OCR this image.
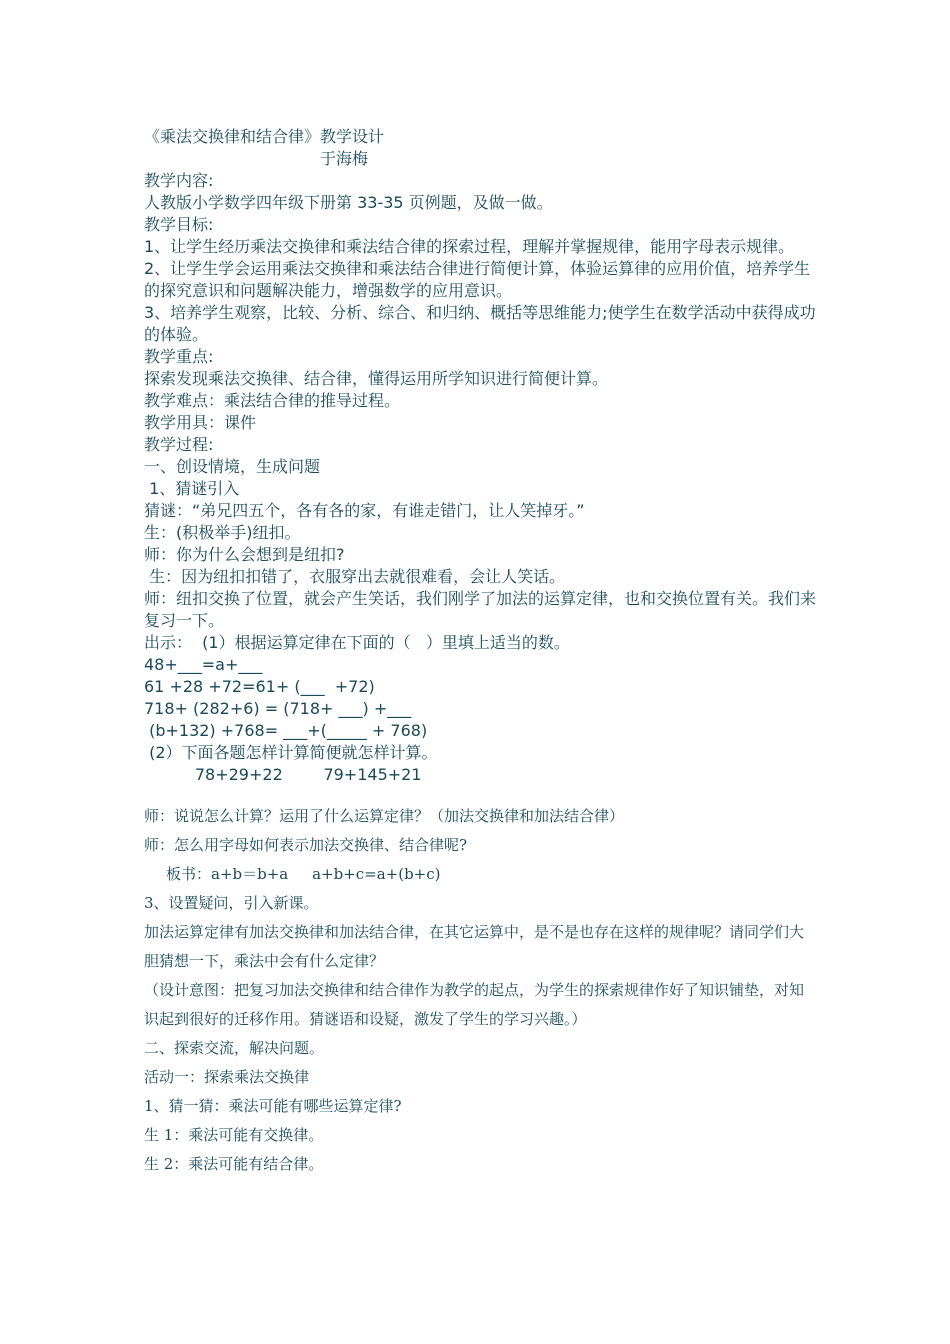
《乘法交换律和结合律》教学设计
于海梅
教学内容:
人教版小学数学四年级下册第 33-35 页例题，及做一做。
教学目标:
1、让学生经历乘法交换律和乘法结合律的探索过程，理解并掌握规律，能用字母表示规律。
2、让学生学会运用乘法交换律和乘法结合律进行简便计算，体验运算律的应用价值，培养学生的探究意识和问题解决能力，增强数学的应用意识。
3、培养学生观察，比较、分析、综合、和归纳、概括等思维能力;使学生在数学活动中获得成功的体验。
教学重点:
探索发现乘法交换律、结合律，懂得运用所学知识进行简便计算。
教学难点：乘法结合律的推导过程。
教学用具：课件
教学过程:
一、创设情境，生成问题
1、猜谜引入
猜谜：“弟兄四五个，各有各的家，有谁走错门，让人笑掉牙。”
生：(积极举手)纽扣。
师：你为什么会想到是纽扣?
生：因为纽扣扣错了，衣服穿出去就很难看，会让人笑话。
师：纽扣交换了位置，就会产生笑话，我们刚学了加法的运算定律，也和交换位置有关。我们来复习一下。
出示：  (1）根据运算定律在下面的（   ）里填上适当的数。
48+___=a+___
61 +28 +72=61+ (___  +72)
718+ (282+6) = (718+ ___) +___
(b+132) +768= ___+(_____ + 768)
(2）下面各题怎样计算简便就怎样计算。
78+29+22        79+145+21
师：说说怎么计算？运用了什么运算定律？（加法交换律和加法结合律）
师：怎么用字母如何表示加法交换律、结合律呢?
板书：a+b＝b+a     a+b+c=a+(b+c)
3、设置疑问，引入新课。
加法运算定律有加法交换律和加法结合律，在其它运算中，是不是也存在这样的规律呢？请同学们大胆猜想一下，乘法中会有什么定律？
（设计意图：把复习加法交换律和结合律作为教学的起点，为学生的探索规律作好了知识铺垫，对知识起到很好的迁移作用。猜谜语和设疑，激发了学生的学习兴趣。）
二、探索交流，解决问题。
活动一：探索乘法交换律
1、猜一猜：乘法可能有哪些运算定律?
生 1：乘法可能有交换律。
生 2：乘法可能有结合律。
